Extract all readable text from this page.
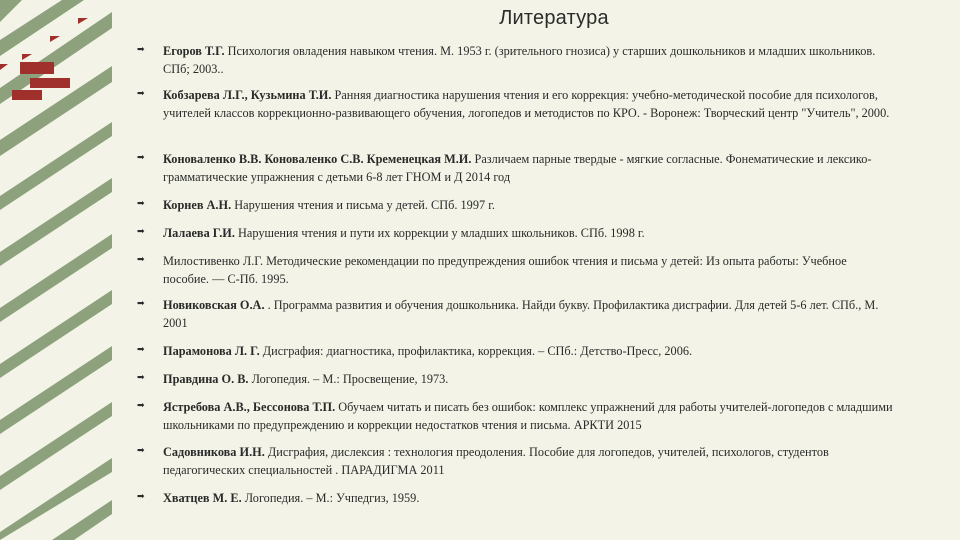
Литература
➡ Егоров Т.Г. Психология овладения навыком чтения. М. 1953 г. (зрительного гнозиса) у старших дошкольников и младших школьников. СПб; 2003..
➡ Кобзарева Л.Г., Кузьмина Т.И. Ранняя диагностика нарушения чтения и его коррекция: учебно-методической пособие для психологов, учителей классов коррекционно-развивающего обучения, логопедов и методистов по КРО. - Воронеж: Творческий центр "Учитель", 2000.
➡ Коноваленко В.В. Коноваленко С.В. Кременецкая М.И. Различаем парные твердые - мягкие согласные. Фонематические и лексико-грамматические упражнения с детьми 6-8 лет ГНОМ и Д 2014 год
➡ Корнев А.Н. Нарушения чтения и письма у детей. СПб. 1997 г.
➡ Лалаева Г.И. Нарушения чтения и пути их коррекции у младших школьников. СПб. 1998 г.
➡ Милостивенко Л.Г. Методические рекомендации по предупреждения ошибок чтения и письма у детей: Из опыта работы: Учебное пособие. — С-Пб. 1995.
➡ Новиковская О.А. . Программа развития и обучения дошкольника. Найди букву. Профилактика дисграфии. Для детей 5-6 лет. СПб., М. 2001
➡ Парамонова Л. Г. Дисграфия: диагностика, профилактика, коррекция. – СПб.: Детство-Пресс, 2006.
➡ Правдина О. В. Логопедия. – М.: Просвещение, 1973.
➡ Ястребова А.В., Бессонова Т.П. Обучаем читать и писать без ошибок: комплекс упражнений для работы учителей-логопедов с младшими школьниками по предупреждению и коррекции недостатков чтения и письма. АРКТИ 2015
➡ Садовникова И.Н. Дисграфия, дислексия : технология преодоления. Пособие для логопедов, учителей, психологов, студентов педагогических специальностей . ПАРАДИГМА 2011
➡ Хватцев М. Е. Логопедия. – М.: Учпедгиз, 1959.
